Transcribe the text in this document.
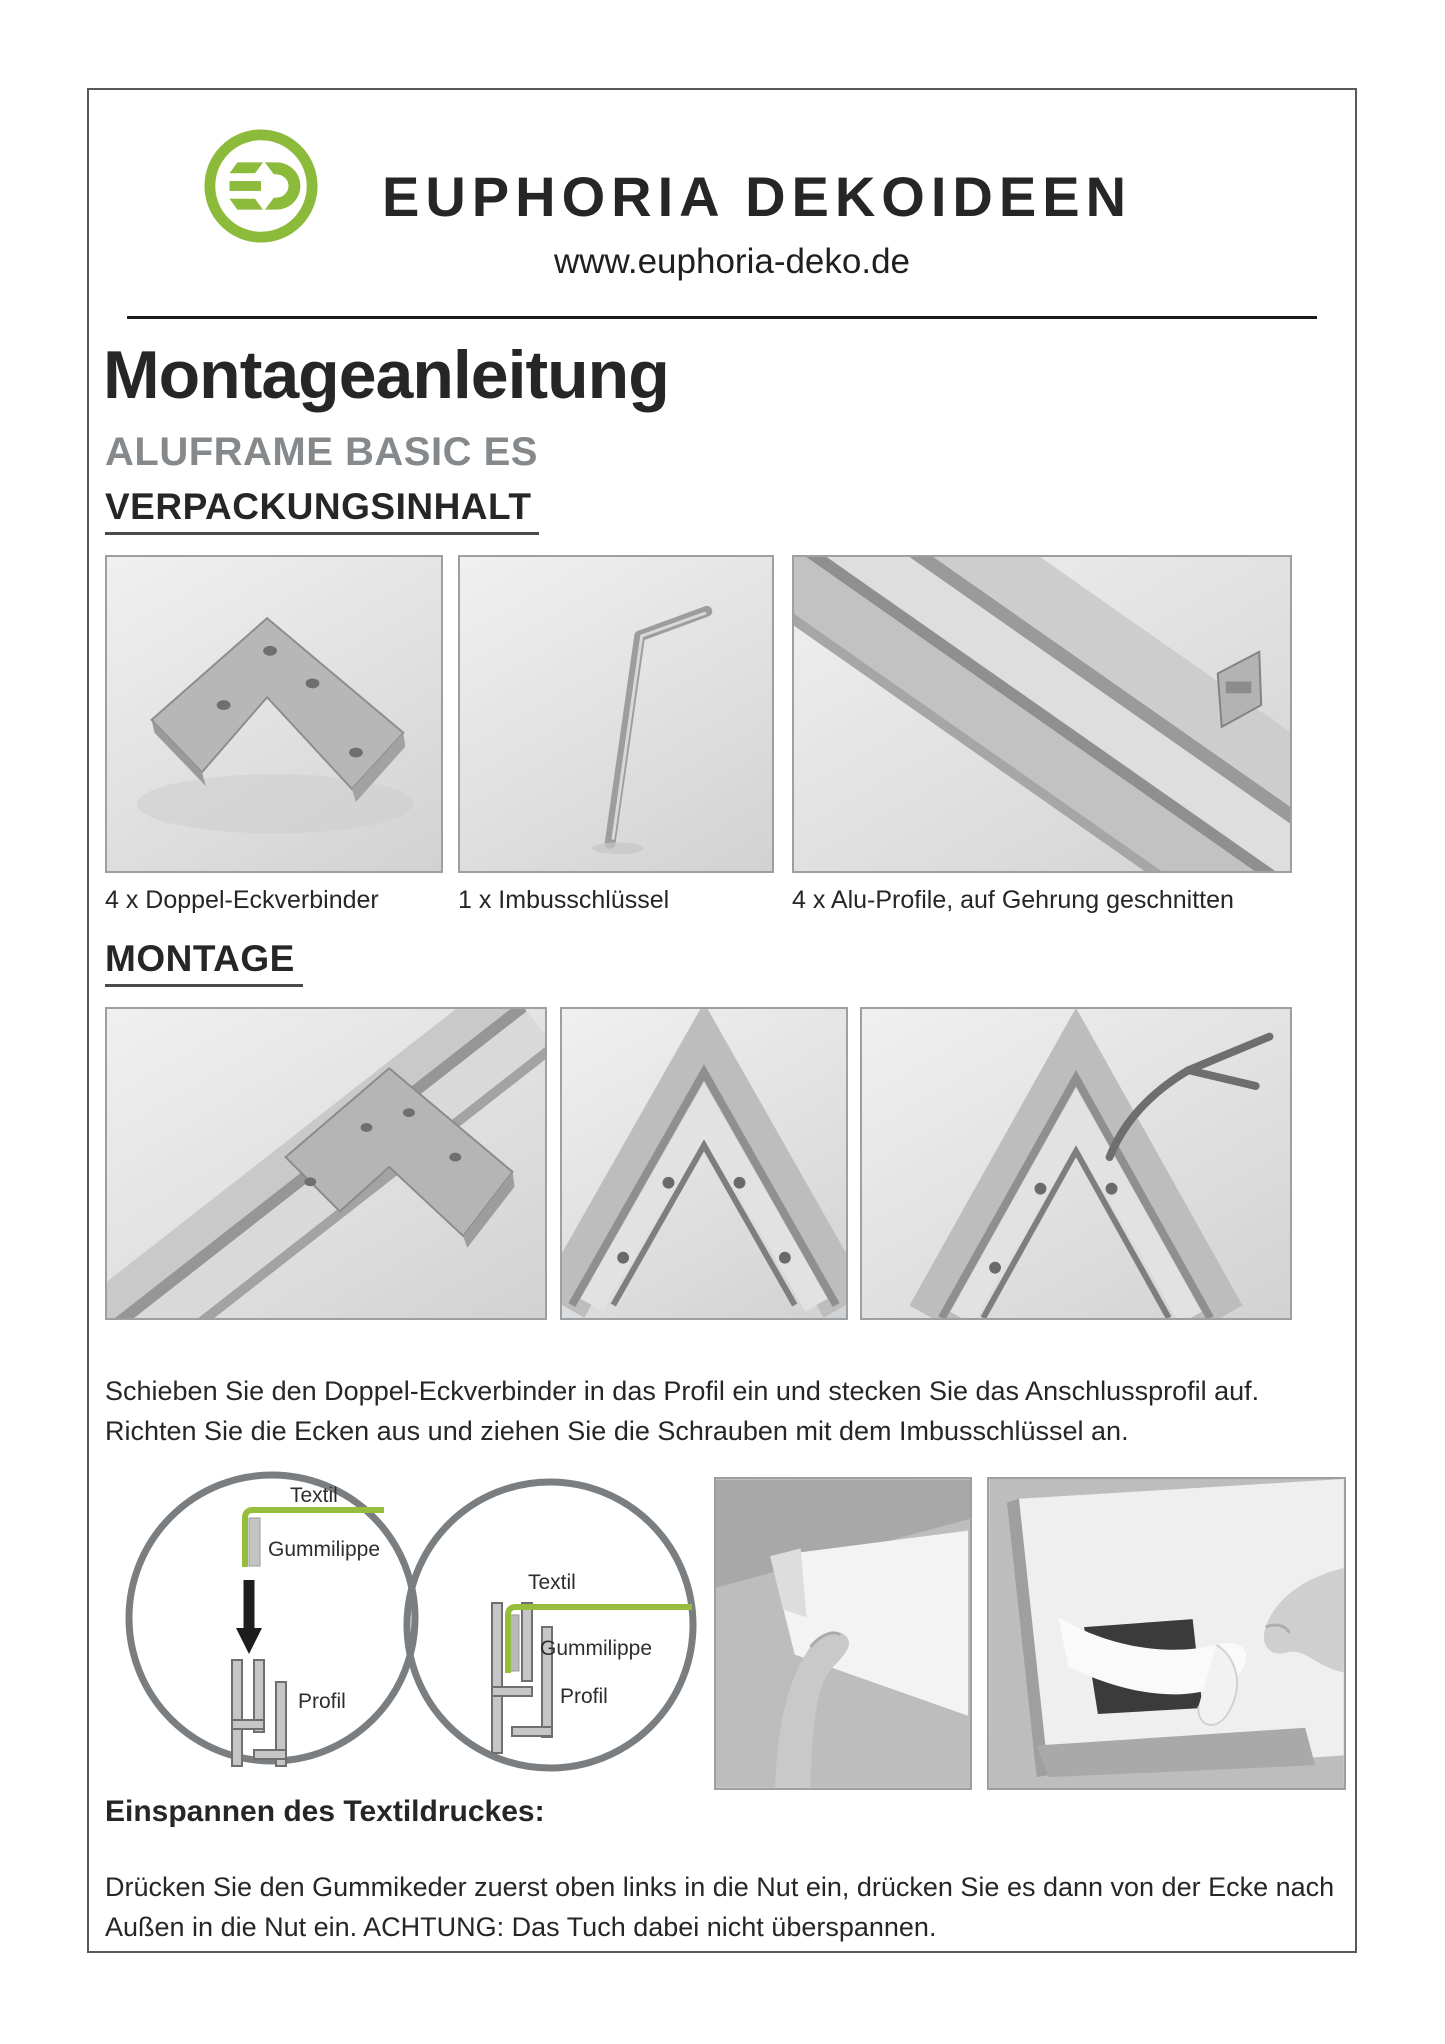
EUPHORIA DEKOIDEEN
www.euphoria-deko.de
Montageanleitung
ALUFRAME BASIC ES
VERPACKUNGSINHALT
4 x Doppel-Eckverbinder	1 x Imbusschlüssel	4 x Alu-Profile, auf Gehrung geschnitten
MONTAGE

Schieben Sie den Doppel-Eckverbinder in das Profil ein und stecken Sie das Anschlussprofil auf. Richten Sie die Ecken aus und ziehen Sie die Schrauben mit dem Imbusschlüssel an.

Textil
Gummilippe
Profil
Textil
Gummilippe
Profil
Einspannen des Textildruckes:

Drücken Sie den Gummikeder zuerst oben links in die Nut ein, drücken Sie es dann von der Ecke nach Außen in die Nut ein. ACHTUNG: Das Tuch dabei nicht überspannen.
